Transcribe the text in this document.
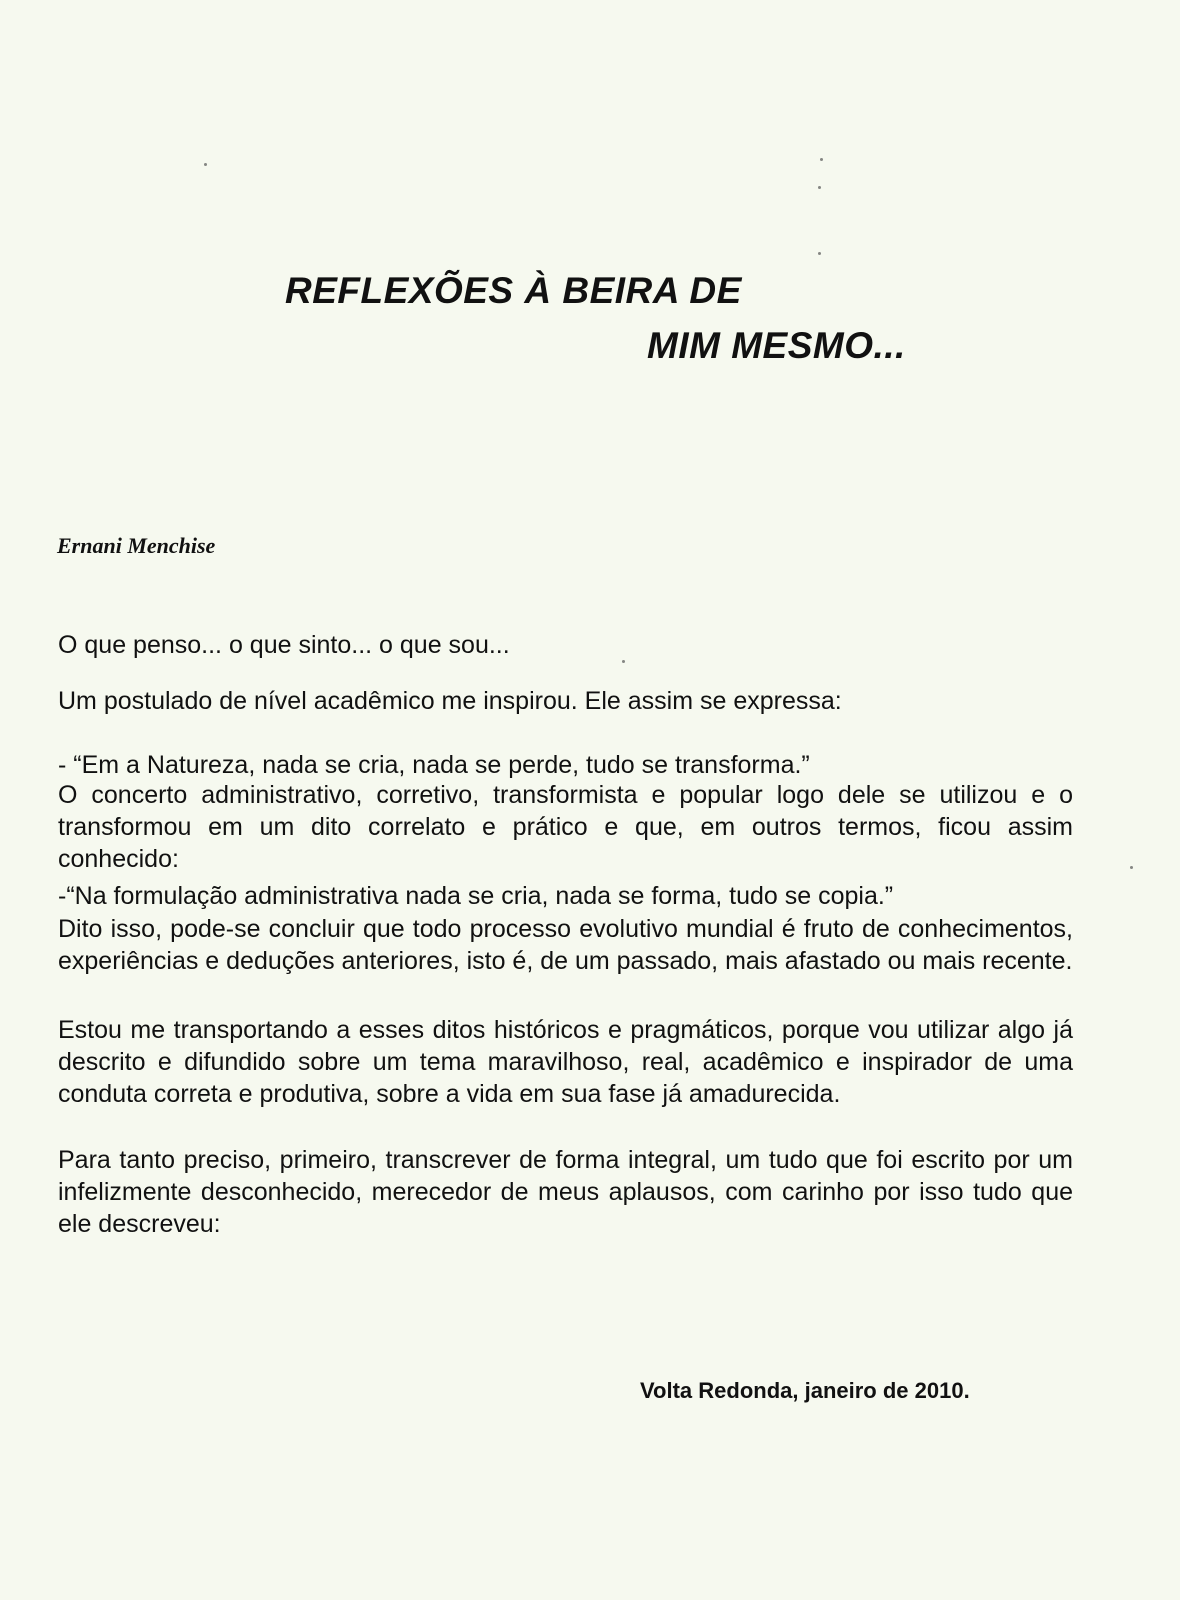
REFLEXÕES À BEIRA DE
MIM MESMO...
Ernani Menchise
O que penso... o que sinto... o que sou...
Um postulado de nível acadêmico me inspirou. Ele assim se expressa:
- “Em a Natureza, nada se cria, nada se perde, tudo se transforma.”
O concerto administrativo, corretivo, transformista e popular logo dele se utilizou e o transformou em um dito correlato e prático e que, em outros termos, ficou assim conhecido:
-“Na formulação administrativa nada se cria, nada se forma, tudo se copia.”
Dito isso, pode-se concluir que todo processo evolutivo mundial é fruto de conhecimentos, experiências e deduções anteriores, isto é, de um passado, mais afastado ou mais recente.
Estou me transportando a esses ditos históricos e pragmáticos, porque vou utilizar algo já descrito e difundido sobre um tema maravilhoso, real, acadêmico e inspirador de uma conduta correta e produtiva, sobre a vida em sua fase já amadurecida.
Para tanto preciso, primeiro, transcrever de forma integral, um tudo que foi escrito por um infelizmente desconhecido, merecedor de meus aplausos, com carinho por isso tudo que ele descreveu:
Volta Redonda, janeiro de 2010.
